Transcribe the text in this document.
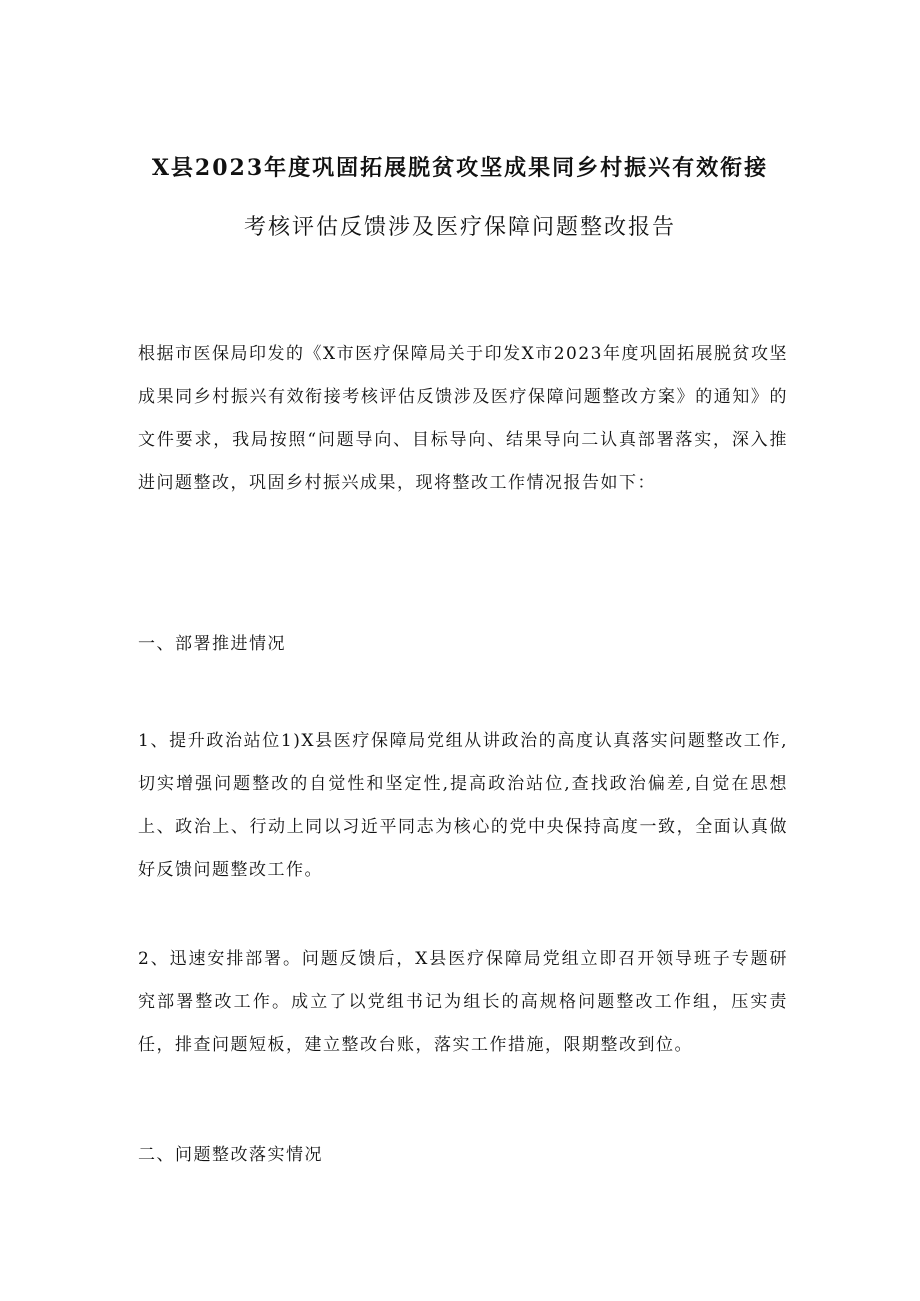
X县2023年度巩固拓展脱贫攻坚成果同乡村振兴有效衔接
考核评估反馈涉及医疗保障问题整改报告

根据市医保局印发的《X市医疗保障局关于印发X市2023年度巩固拓展脱贫攻坚成果同乡村振兴有效衔接考核评估反馈涉及医疗保障问题整改方案》的通知》的文件要求，我局按照“问题导向、目标导向、结果导向二认真部署落实，深入推进问题整改，巩固乡村振兴成果，现将整改工作情况报告如下：

一、部署推进情况

1、提升政治站位1)X县医疗保障局党组从讲政治的高度认真落实问题整改工作,切实增强问题整改的自觉性和坚定性,提高政治站位,查找政治偏差,自觉在思想上、政治上、行动上同以习近平同志为核心的党中央保持高度一致，全面认真做好反馈问题整改工作。

2、迅速安排部署。问题反馈后，X县医疗保障局党组立即召开领导班子专题研究部署整改工作。成立了以党组书记为组长的高规格问题整改工作组，压实责任，排查问题短板，建立整改台账，落实工作措施，限期整改到位。

二、问题整改落实情况
